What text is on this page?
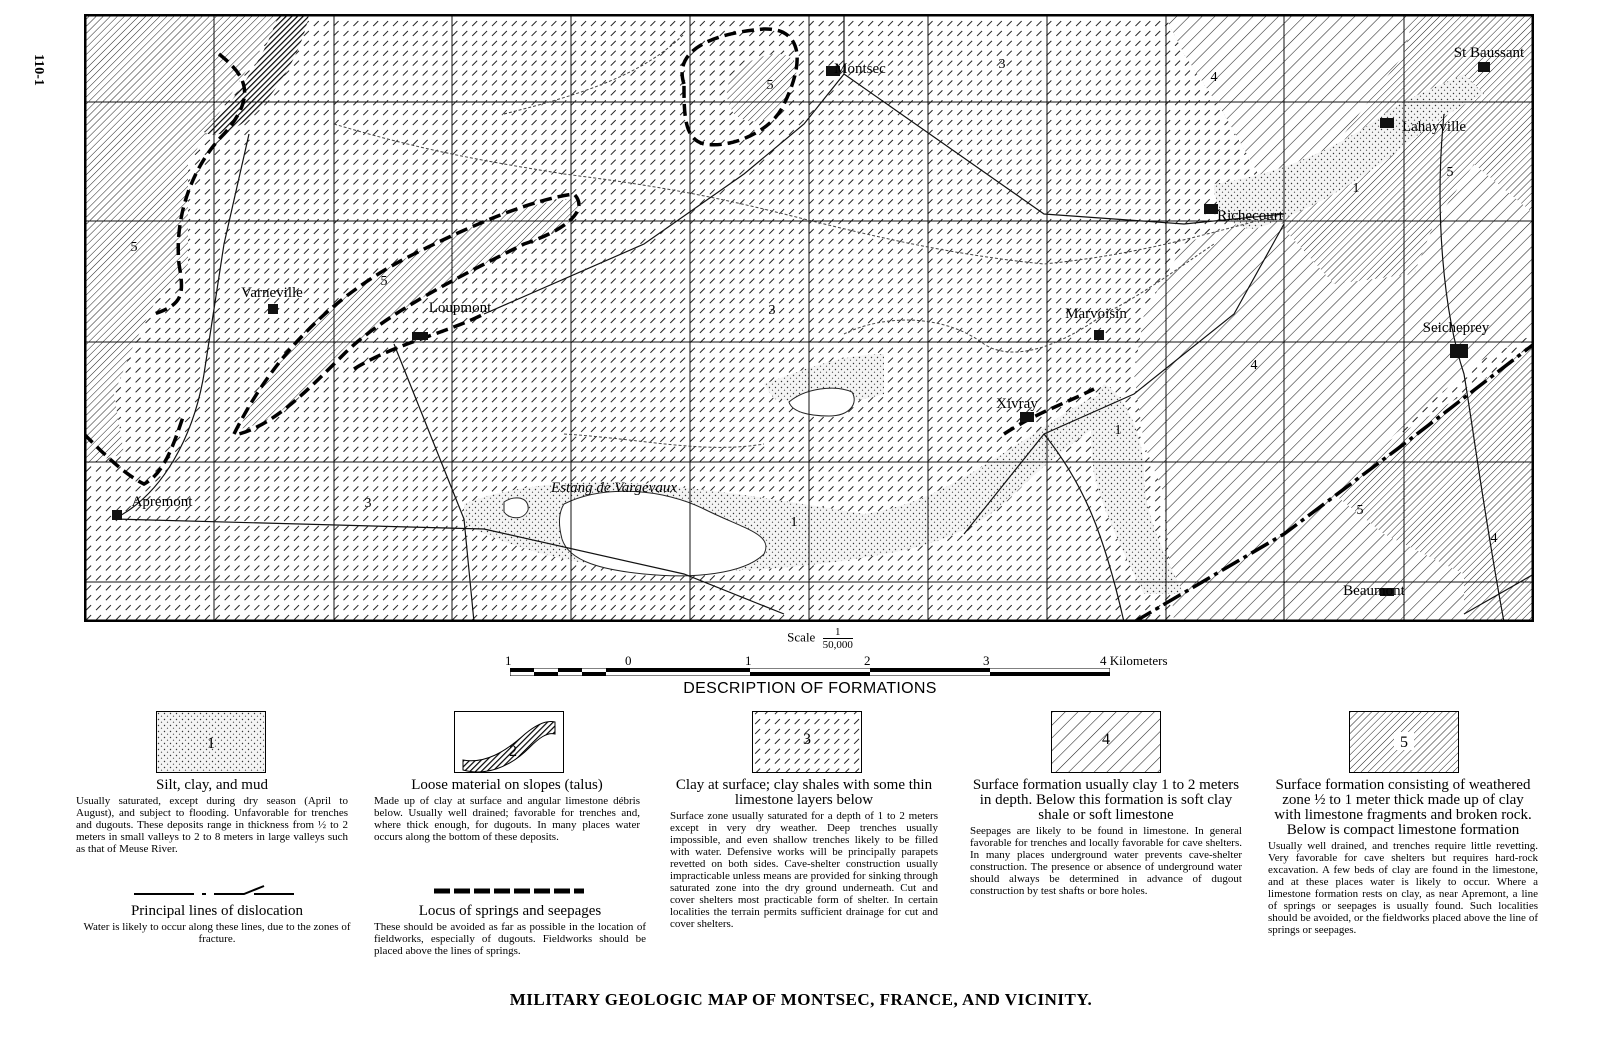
110-1	Montsec
St Baussant
Lahayville
Richecourt
Varneville
Loupmont	Marvoisin
Seicheprey
Xivray
Apremont
Estang de Vargévaux
Beaumont
5
5
5
3
3
3
4
4
4
5
5
1
1
1
Scale $\frac{1}{50,000}$
1	0	1	2	3	4 Kilometers
DESCRIPTION OF FORMATIONS
1	2
3	4	5
Silt, clay, and mud
Usually saturated, except during dry season (April to August), and subject to flooding. Unfavorable for trenches and dugouts. These deposits range in thickness from ½ to 2 meters in small valleys to 2 to 8 meters in large valleys such as that of Meuse River.
Loose material on slopes (talus)
Made up of clay at surface and angular limestone débris below. Usually well drained; favorable for trenches and, where thick enough, for dugouts. In many places water occurs along the bottom of these deposits.
Clay at surface; clay shales with some thin limestone layers below
Surface zone usually saturated for a depth of 1 to 2 meters except in very dry weather. Deep trenches usually impossible, and even shallow trenches likely to be filled with water. Defensive works will be principally parapets revetted on both sides. Cave-shelter construction usually impracticable unless means are provided for sinking through saturated zone into the dry ground underneath. Cut and cover shelters most practicable form of shelter. In certain localities the terrain permits sufficient drainage for cut and cover shelters.
Surface formation usually clay 1 to 2 meters in depth. Below this formation is soft clay shale or soft limestone
Seepages are likely to be found in limestone. In general favorable for trenches and locally favorable for cave shelters. In many places underground water prevents cave-shelter construction. The presence or absence of underground water should always be determined in advance of dugout construction by test shafts or bore holes.
Surface formation consisting of weathered zone ½ to 1 meter thick made up of clay with limestone fragments and broken rock. Below is compact limestone formation
Usually well drained, and trenches require little revetting. Very favorable for cave shelters but requires hard-rock excavation. A few beds of clay are found in the limestone, and at these places water is likely to occur. Where a limestone formation rests on clay, as near Apremont, a line of springs or seepages is usually found. Such localities should be avoided, or the fieldworks placed above the line of springs or seepages.
Principal lines of dislocation
Water is likely to occur along these lines, due to the zones of fracture.
Locus of springs and seepages
These should be avoided as far as possible in the location of fieldworks, especially of dugouts. Fieldworks should be placed above the lines of springs.
MILITARY GEOLOGIC MAP OF MONTSEC, FRANCE, AND VICINITY.
